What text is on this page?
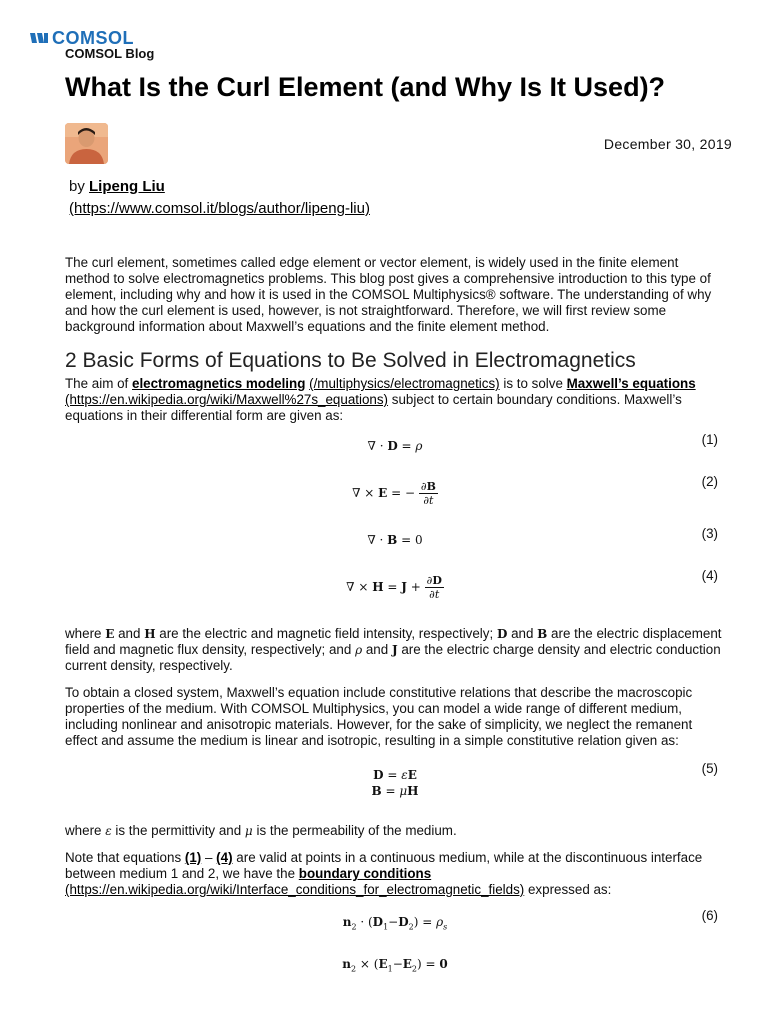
COMSOL
COMSOL Blog
What Is the Curl Element (and Why Is It Used)?
December 30, 2019
by Lipeng Liu
(https://www.comsol.it/blogs/author/lipeng-liu)

The curl element, sometimes called edge element or vector element, is widely used in the finite element method to solve electromagnetics problems. This blog post gives a comprehensive introduction to this type of element, including why and how it is used in the COMSOL Multiphysics® software. The understanding of why and how the curl element is used, however, is not straightforward. Therefore, we will first review some background information about Maxwell’s equations and the finite element method.

2 Basic Forms of Equations to Be Solved in Electromagnetics

The aim of electromagnetics modeling (/multiphysics/electromagnetics) is to solve Maxwell’s equations (https://en.wikipedia.org/wiki/Maxwell%27s_equations) subject to certain boundary conditions. Maxwell’s equations in their differential form are given as:

∇ · D = ρ	(1)
∇ × E = − $\frac{\partial B}{\partial t}$	(2)
∇ · B = 0	(3)
∇ × $H = J + \frac{\partial D}{\partial t}$	(4)

where E and H are the electric and magnetic field intensity, respectively; D and B are the electric displacement field and magnetic flux density, respectively; and ρ and J are the electric charge density and electric conduction current density, respectively.

To obtain a closed system, Maxwell’s equation include constitutive relations that describe the macroscopic properties of the medium. With COMSOL Multiphysics, you can model a wide range of different medium, including nonlinear and anisotropic materials. However, for the sake of simplicity, we neglect the remanent effect and assume the medium is linear and isotropic, resulting in a simple constitutive relation given as:

D = εE
B = μH
(5)

where ε is the permittivity and μ is the permeability of the medium.

Note that equations (1) – (4) are valid at points in a continuous medium, while at the discontinuous interface between medium 1 and 2, we have the boundary conditions (https://en.wikipedia.org/wiki/Interface_conditions_for_electromagnetic_fields) expressed as:

$n_2 \cdot (D_1-D_2) = \rho_s$
(6)
$n_2 \times (E_1-E_2) = 0$
